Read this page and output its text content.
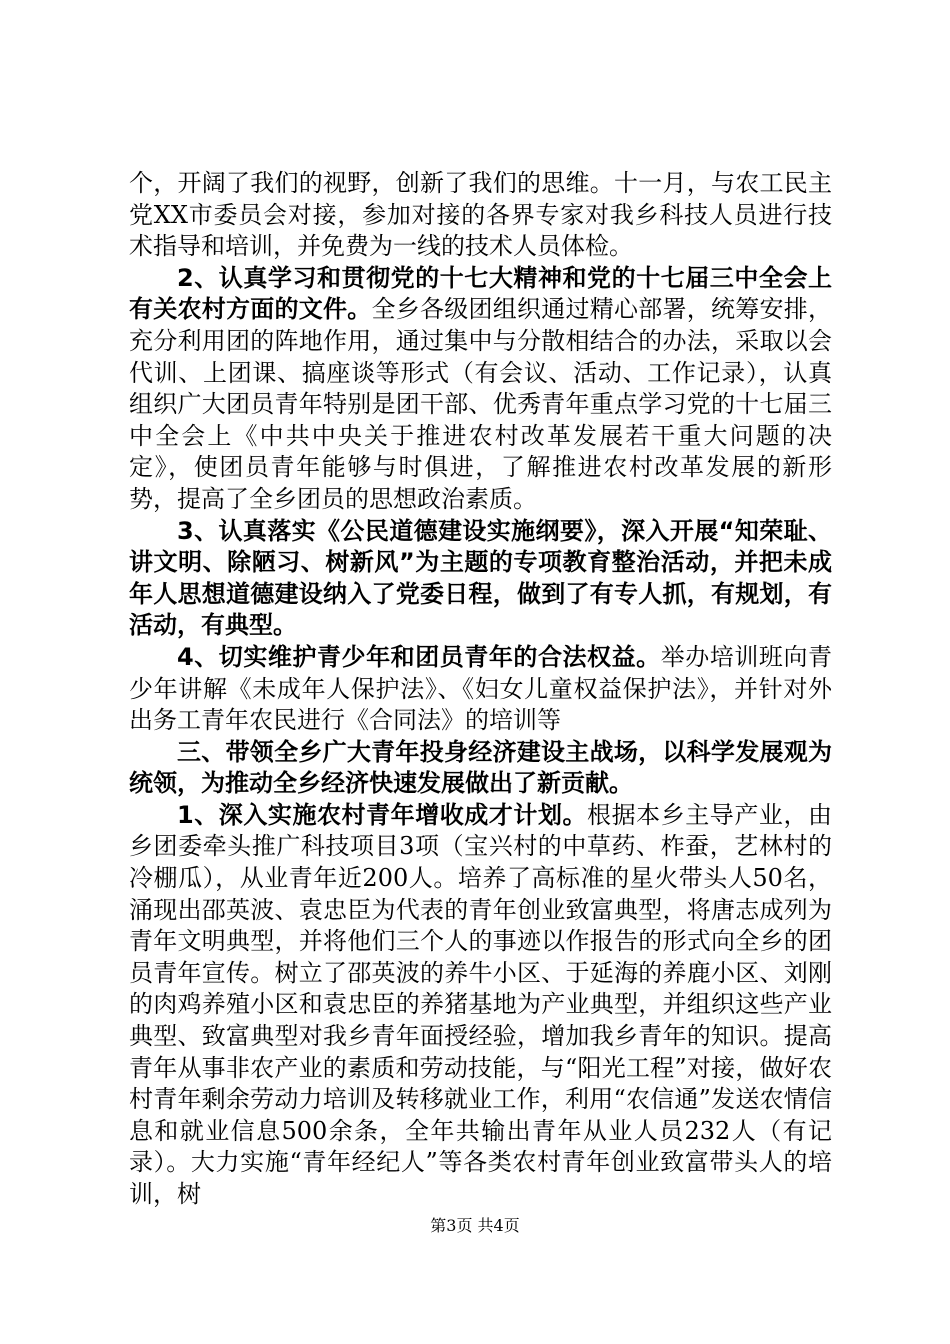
个，开阔了我们的视野，创新了我们的思维。十一月，与农工民主党XX市委员会对接，参加对接的各界专家对我乡科技人员进行技术指导和培训，并免费为一线的技术人员体检。

2、认真学习和贯彻党的十七大精神和党的十七届三中全会上有关农村方面的文件。全乡各级团组织通过精心部署，统筹安排，充分利用团的阵地作用，通过集中与分散相结合的办法，采取以会代训、上团课、搞座谈等形式（有会议、活动、工作记录），认真组织广大团员青年特别是团干部、优秀青年重点学习党的十七届三中全会上《中共中央关于推进农村改革发展若干重大问题的决定》，使团员青年能够与时俱进，了解推进农村改革发展的新形势，提高了全乡团员的思想政治素质。

3、认真落实《公民道德建设实施纲要》，深入开展“知荣耻、讲文明、除陋习、树新风”为主题的专项教育整治活动，并把未成年人思想道德建设纳入了党委日程，做到了有专人抓，有规划，有活动，有典型。

4、切实维护青少年和团员青年的合法权益。举办培训班向青少年讲解《未成年人保护法》、《妇女儿童权益保护法》，并针对外出务工青年农民进行《合同法》的培训等

三、带领全乡广大青年投身经济建设主战场，以科学发展观为统领，为推动全乡经济快速发展做出了新贡献。

1、深入实施农村青年增收成才计划。根据本乡主导产业，由乡团委牵头推广科技项目3项（宝兴村的中草药、柞蚕，艺林村的冷棚瓜），从业青年近200人。培养了高标准的星火带头人50名，涌现出邵英波、袁忠臣为代表的青年创业致富典型，将唐志成列为青年文明典型，并将他们三个人的事迹以作报告的形式向全乡的团员青年宣传。树立了邵英波的养牛小区、于延海的养鹿小区、刘刚的肉鸡养殖小区和袁忠臣的养猪基地为产业典型，并组织这些产业典型、致富典型对我乡青年面授经验，增加我乡青年的知识。提高青年从事非农产业的素质和劳动技能，与“阳光工程”对接，做好农村青年剩余劳动力培训及转移就业工作，利用“农信通”发送农情信息和就业信息500余条，全年共输出青年从业人员232人（有记录）。大力实施“青年经纪人”等各类农村青年创业致富带头人的培训，树

第3页 共4页
